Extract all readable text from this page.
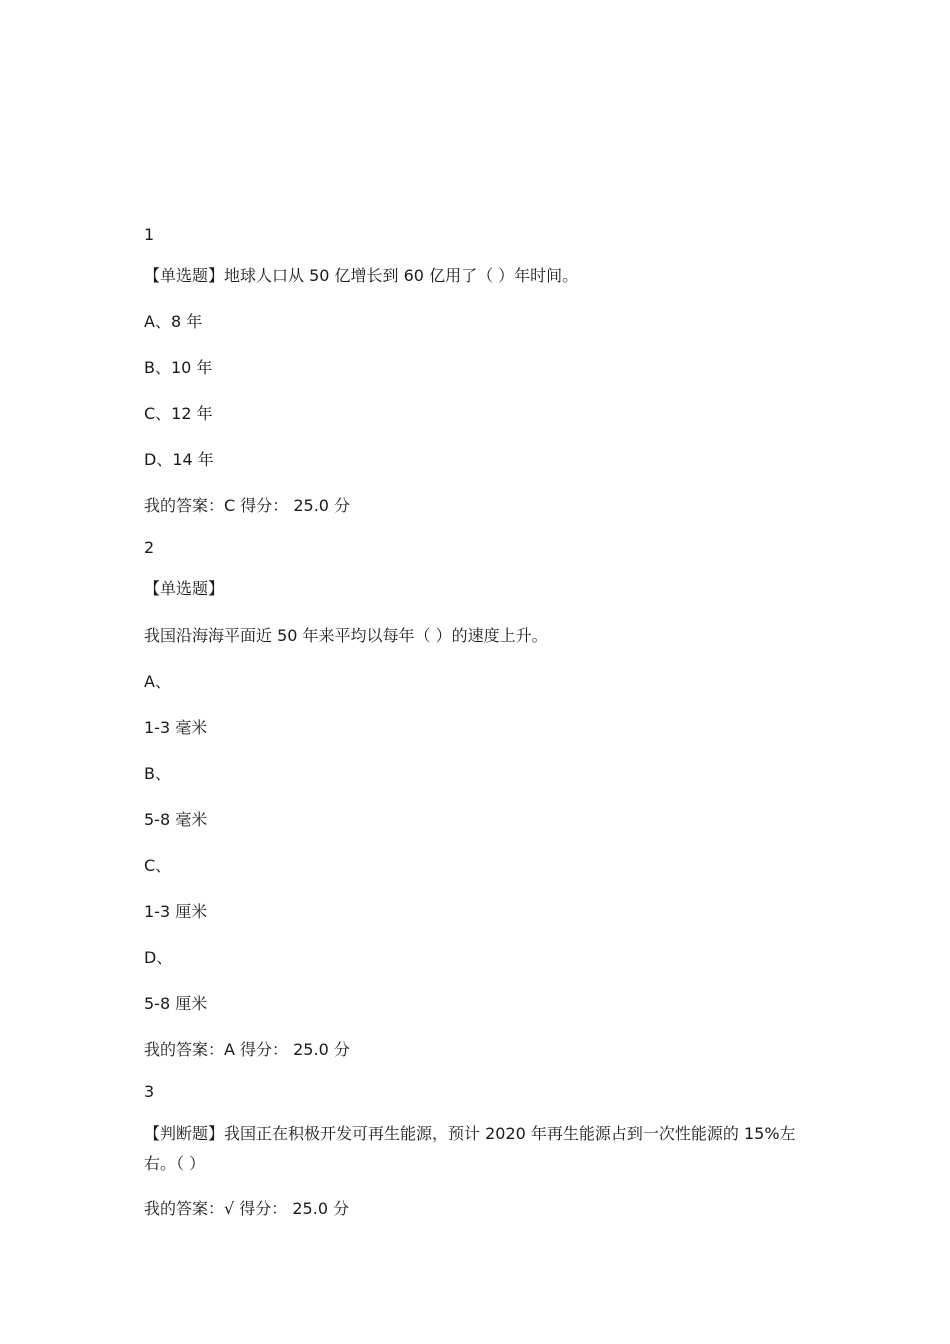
1
【单选题】地球人口从 50 亿增长到 60 亿用了（ ）年时间。
A、8 年
B、10 年
C、12 年
D、14 年
我的答案：C 得分： 25.0 分
2
【单选题】
我国沿海海平面近 50 年来平均以每年（ ）的速度上升。
A、
1-3 毫米
B、
5-8 毫米
C、
1-3 厘米
D、
5-8 厘米
我的答案：A 得分： 25.0 分
3
【判断题】我国正在积极开发可再生能源，预计 2020 年再生能源占到一次性能源的 15%左右。（ ）
我的答案：√ 得分： 25.0 分
